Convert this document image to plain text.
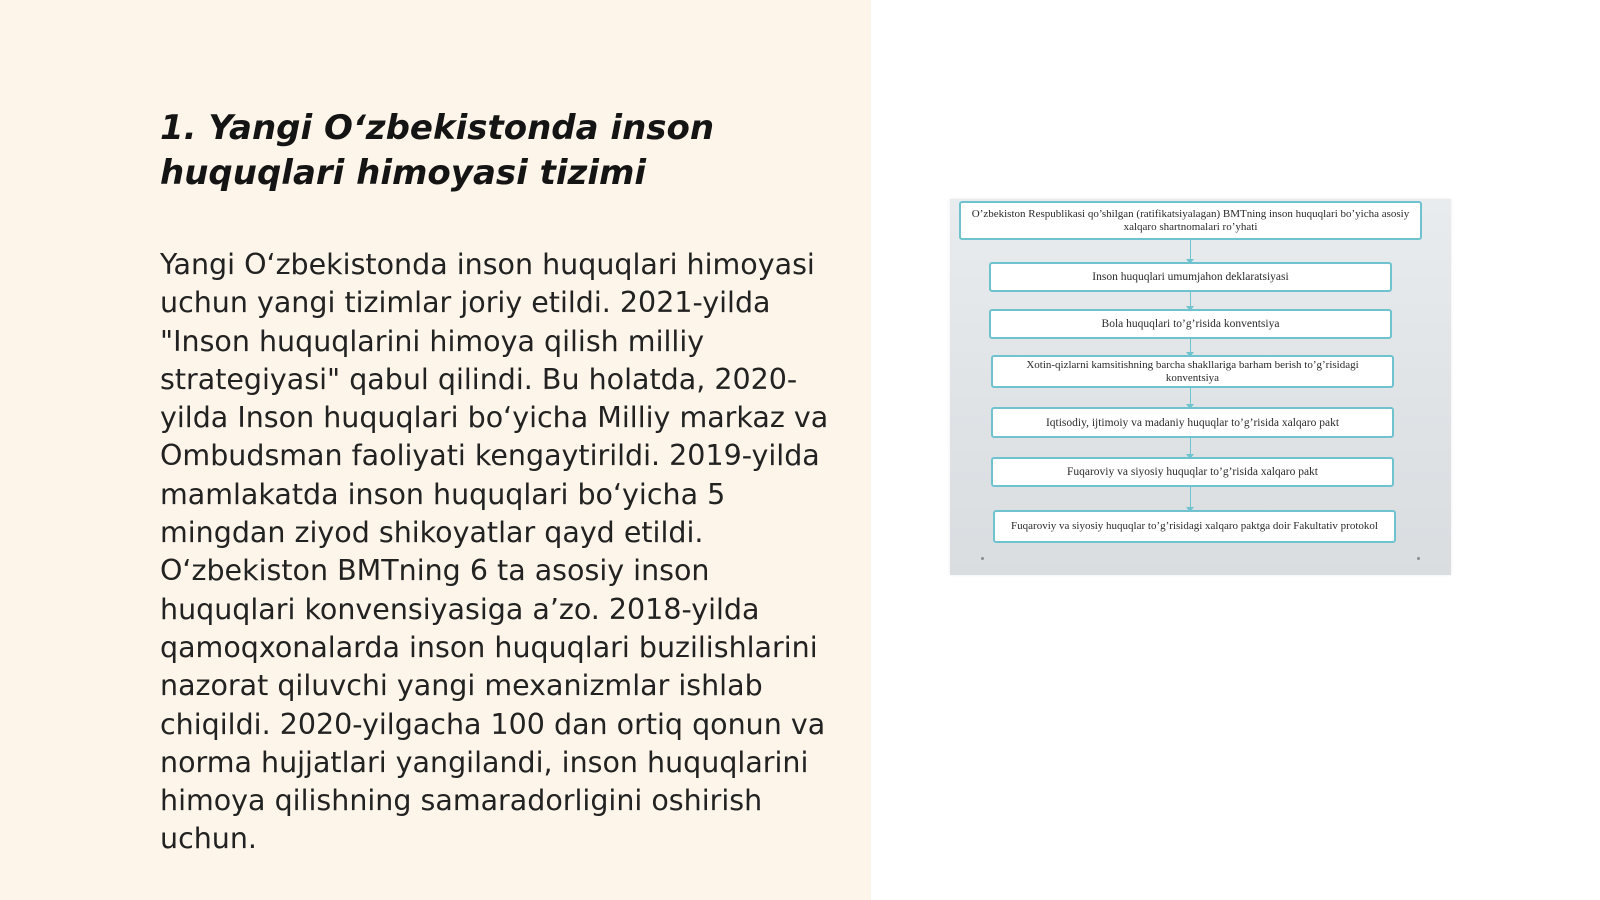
1. Yangi O‘zbekistonda inson huquqlari himoyasi tizimi

Yangi O‘zbekistonda inson huquqlari himoyasi uchun yangi tizimlar joriy etildi. 2021-yilda "Inson huquqlarini himoya qilish milliy strategiyasi" qabul qilindi. Bu holatda, 2020-yilda Inson huquqlari bo‘yicha Milliy markaz va Ombudsman faoliyati kengaytirildi. 2019-yilda mamlakatda inson huquqlari bo‘yicha 5 mingdan ziyod shikoyatlar qayd etildi. O‘zbekiston BMTning 6 ta asosiy inson huquqlari konvensiyasiga a’zo. 2018-yilda qamoqxonalarda inson huquqlari buzilishlarini nazorat qiluvchi yangi mexanizmlar ishlab chiqildi. 2020-yilgacha 100 dan ortiq qonun va norma hujjatlari yangilandi, inson huquqlarini himoya qilishning samaradorligini oshirish uchun.

O’zbekiston Respublikasi qo’shilgan (ratifikatsiyalagan) BMTning inson huquqlari bo’yicha asosiy xalqaro shartnomalari ro’yhati
Inson huquqlari umumjahon deklaratsiyasi
Bola huquqlari to’g’risida konventsiya
Xotin-qizlarni kamsitishning barcha shakllariga barham berish to’g’risidagi konventsiya
Iqtisodiy, ijtimoiy va madaniy huquqlar to’g’risida xalqaro pakt
Fuqaroviy va siyosiy huquqlar to’g’risida xalqaro pakt
Fuqaroviy va siyosiy huquqlar to’g’risidagi xalqaro paktga doir Fakultativ protokol
